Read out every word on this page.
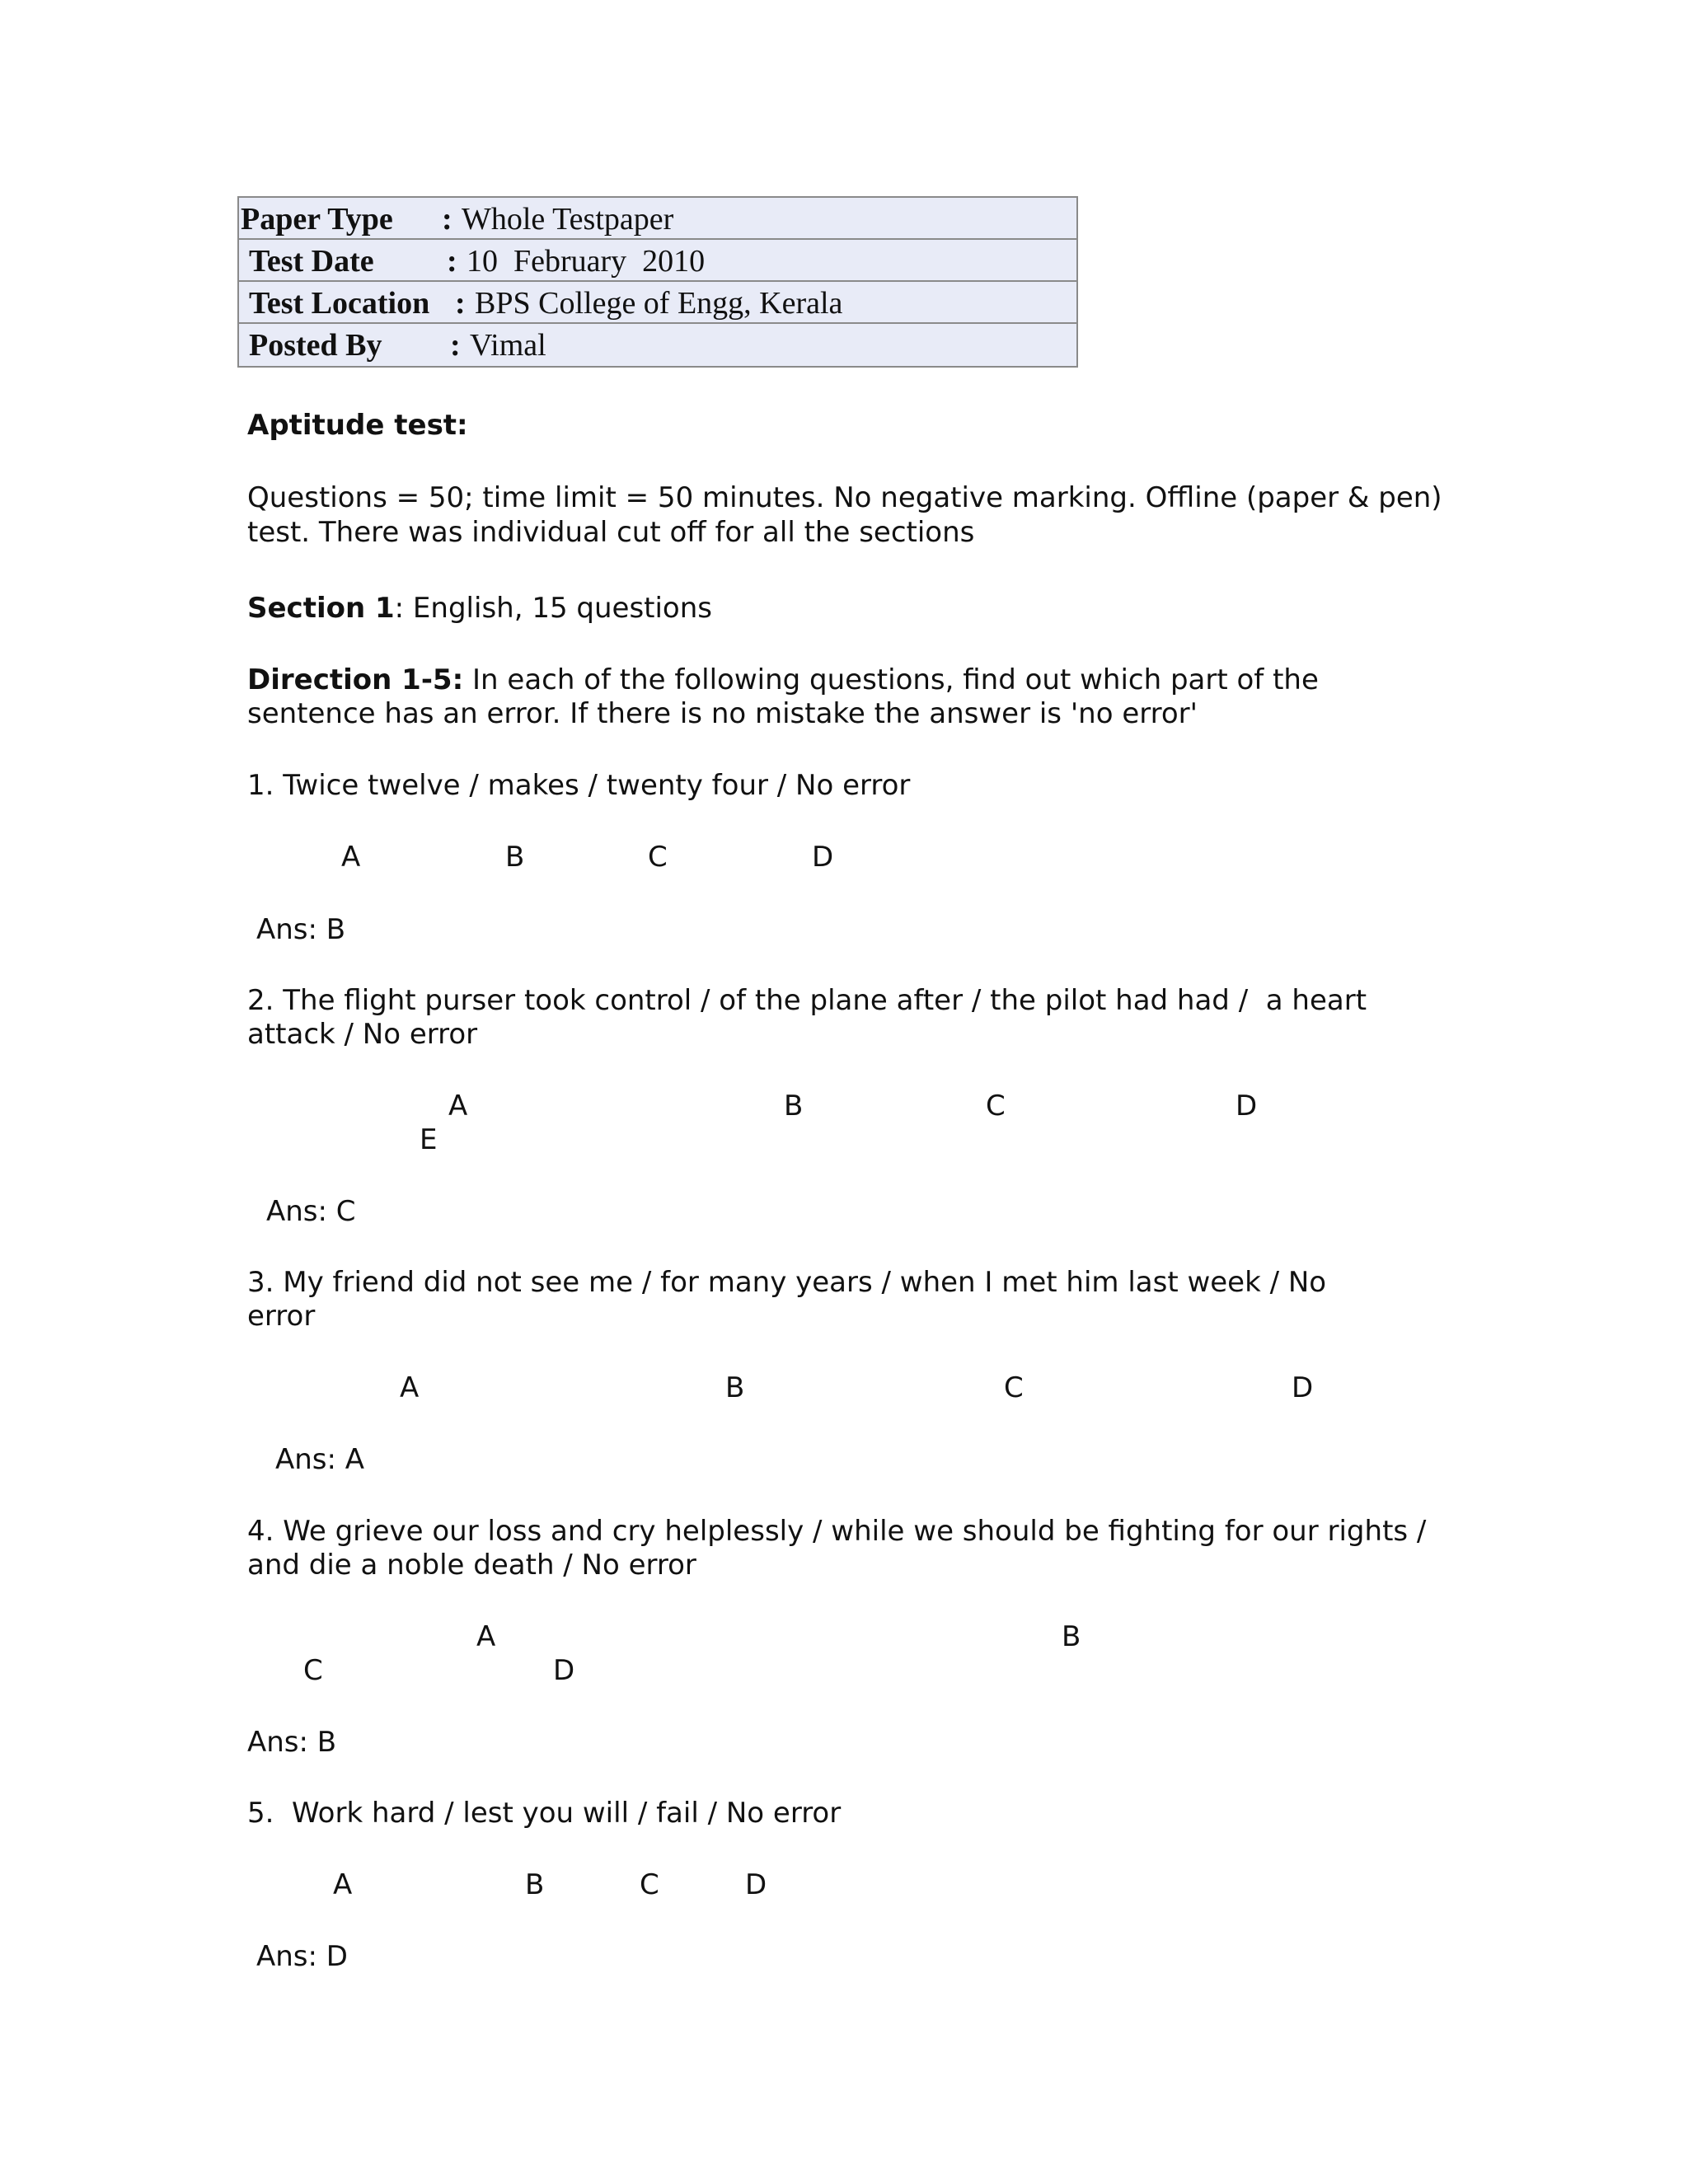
Paper Type : Whole Testpaper
Test Date : 10  February  2010
Test Location : BPS College of Engg, Kerala
Posted By : Vimal
Aptitude test:
Questions = 50; time limit = 50 minutes. No negative marking. Offline (paper & pen)
test. There was individual cut off for all the sections
Section 1: English, 15 questions
Direction 1-5: In each of the following questions, find out which part of the
sentence has an error. If there is no mistake the answer is 'no error'
1. Twice twelve / makes / twenty four / No error
A	B	C	D
Ans: B
2. The flight purser took control / of the plane after / the pilot had had /  a heart
attack / No error
A	B	C	D
E
Ans: C
3. My friend did not see me / for many years / when I met him last week / No
error
A	B	C	D
Ans: A
4. We grieve our loss and cry helplessly / while we should be fighting for our rights /
and die a noble death / No error
A	B
C	D
Ans: B
5.  Work hard / lest you will / fail / No error
A	B	C	D
Ans: D
